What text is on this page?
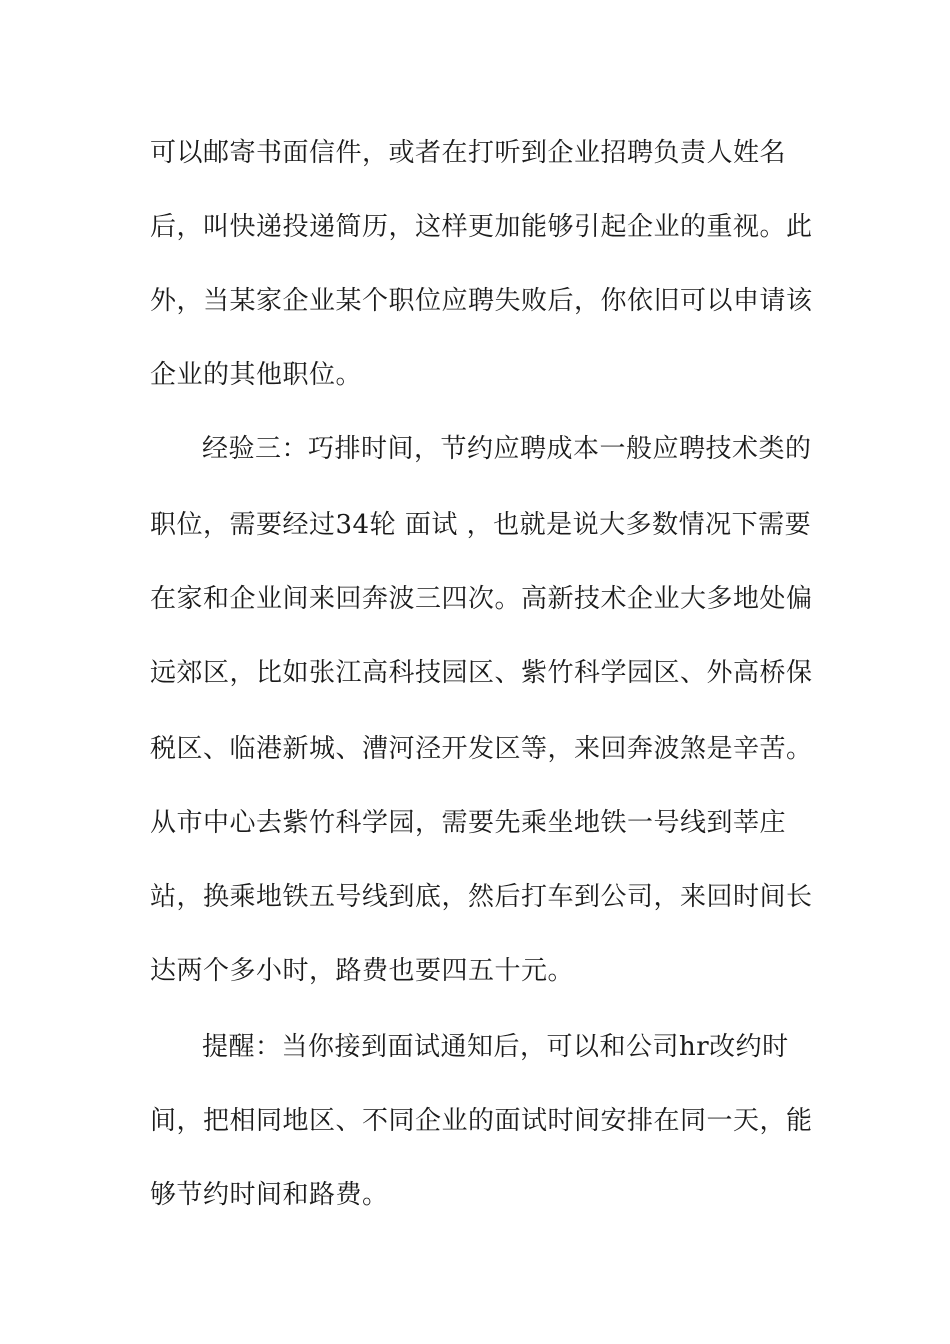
可以邮寄书面信件，或者在打听到企业招聘负责人姓名
后，叫快递投递简历，这样更加能够引起企业的重视。此
外，当某家企业某个职位应聘失败后，你依旧可以申请该
企业的其他职位。
经验三：巧排时间，节约应聘成本一般应聘技术类的
职位，需要经过34轮 面试 ，也就是说大多数情况下需要
在家和企业间来回奔波三四次。高新技术企业大多地处偏
远郊区，比如张江高科技园区、紫竹科学园区、外高桥保
税区、临港新城、漕河泾开发区等，来回奔波煞是辛苦。
从市中心去紫竹科学园，需要先乘坐地铁一号线到莘庄
站，换乘地铁五号线到底，然后打车到公司，来回时间长
达两个多小时，路费也要四五十元。
提醒：当你接到面试通知后，可以和公司hr改约时
间，把相同地区、不同企业的面试时间安排在同一天，能
够节约时间和路费。
